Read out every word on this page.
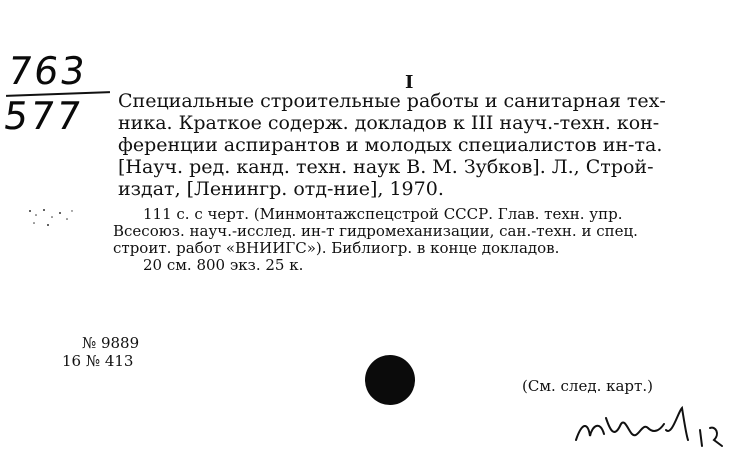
763
577
I
Специальные строительные работы и санитарная тех-
ника. Краткое содерж. докладов к III науч.-техн. кон-
ференции аспирантов и молодых специалистов ин-та.
[Науч. ред. канд. техн. наук В. М. Зубков]. Л., Строй-
издат, [Ленингр. отд-ние], 1970.
111 с. с черт. (Минмонтажспецстрой СССР. Глав. техн. упр.
Всесоюз. науч.-исслед. ин-т гидромеханизации, сан.-техн. и спец.
строит. работ «ВНИИГС»). Библиогр. в конце докладов.
20 см. 800 экз. 25 к.
№ 9889
16 № 413
(См. след. карт.)
